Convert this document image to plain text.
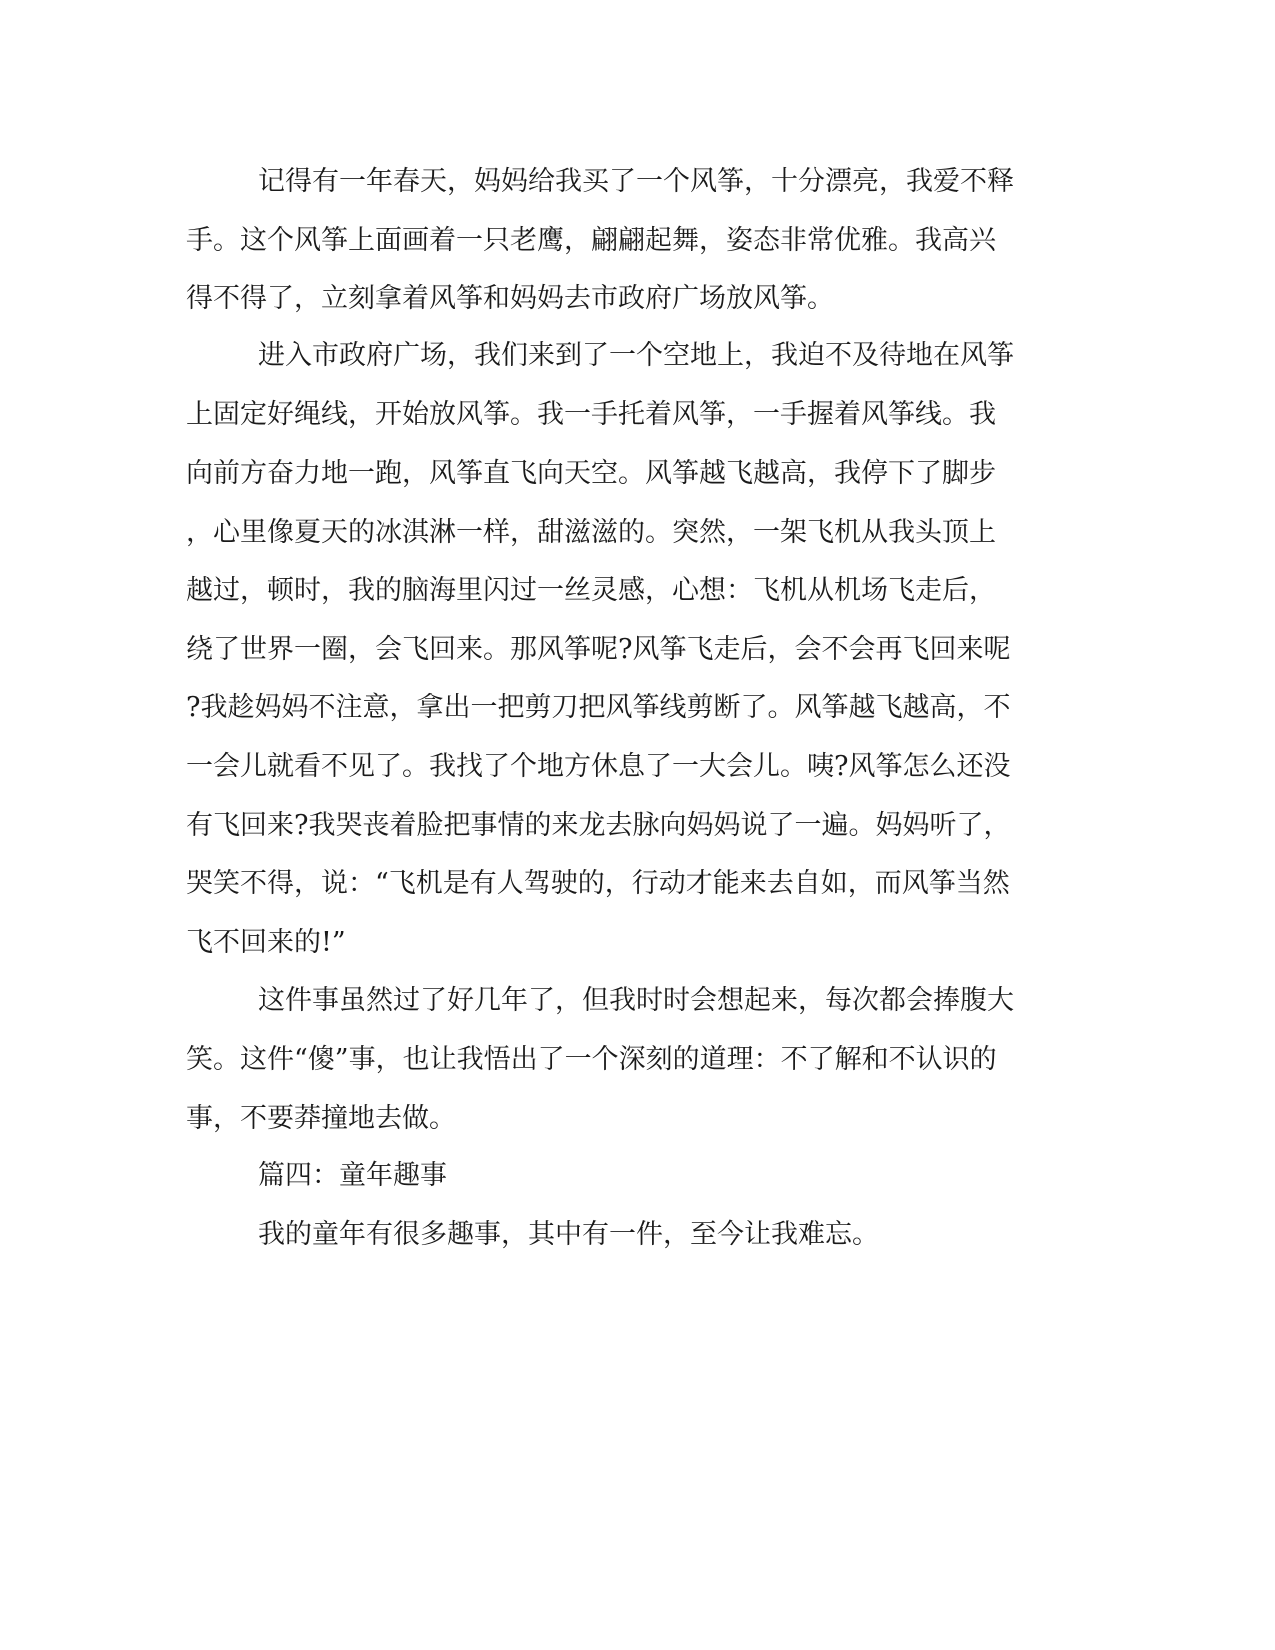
记得有一年春天，妈妈给我买了一个风筝，十分漂亮，我爱不释
手。这个风筝上面画着一只老鹰，翩翩起舞，姿态非常优雅。我高兴
得不得了，立刻拿着风筝和妈妈去市政府广场放风筝。
进入市政府广场，我们来到了一个空地上，我迫不及待地在风筝
上固定好绳线，开始放风筝。我一手托着风筝，一手握着风筝线。我
向前方奋力地一跑，风筝直飞向天空。风筝越飞越高，我停下了脚步
，心里像夏天的冰淇淋一样，甜滋滋的。突然，一架飞机从我头顶上
越过，顿时，我的脑海里闪过一丝灵感，心想：飞机从机场飞走后，
绕了世界一圈，会飞回来。那风筝呢?风筝飞走后，会不会再飞回来呢
?我趁妈妈不注意，拿出一把剪刀把风筝线剪断了。风筝越飞越高，不
一会儿就看不见了。我找了个地方休息了一大会儿。咦?风筝怎么还没
有飞回来?我哭丧着脸把事情的来龙去脉向妈妈说了一遍。妈妈听了，
哭笑不得，说：“飞机是有人驾驶的，行动才能来去自如，而风筝当然
飞不回来的!”
这件事虽然过了好几年了，但我时时会想起来，每次都会捧腹大
笑。这件“傻”事，也让我悟出了一个深刻的道理：不了解和不认识的
事，不要莽撞地去做。
篇四：童年趣事
我的童年有很多趣事，其中有一件，至今让我难忘。
